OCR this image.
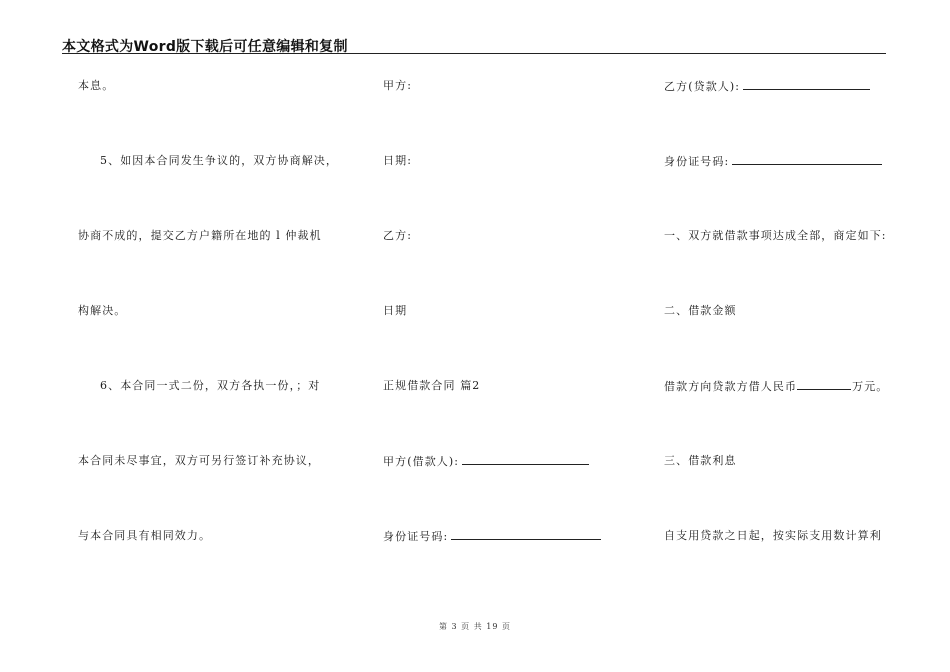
本文格式为Word版下载后可任意编辑和复制
本息。
5、如因本合同发生争议的，双方协商解决，
协商不成的，提交乙方户籍所在地的 l 仲裁机
构解决。
6、本合同一式二份，双方各执一份，；对
本合同未尽事宜，双方可另行签订补充协议，
与本合同具有相同效力。
甲方:
日期:
乙方:
日期
正规借款合同 篇2
甲方(借款人):
身份证号码:
乙方(贷款人):
身份证号码:
一、双方就借款事项达成全部，商定如下:
二、借款金额
借款方向贷款方借人民币	万元。
三、借款利息
自支用贷款之日起，按实际支用数计算利
第 3 页 共 19 页
